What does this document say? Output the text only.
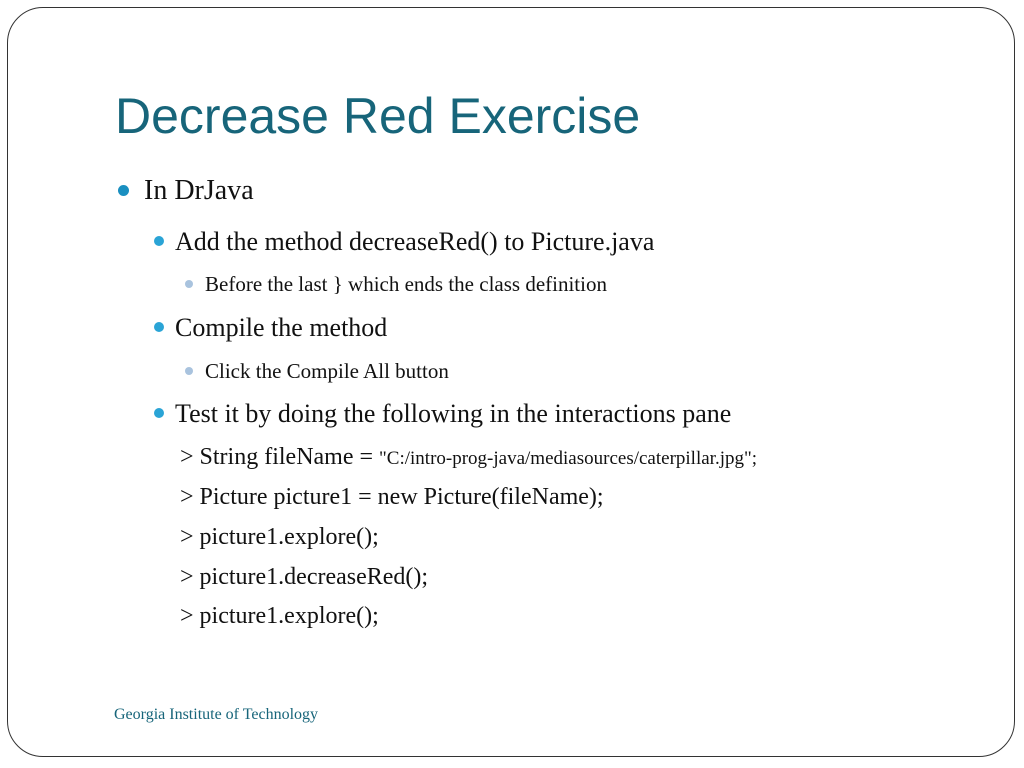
Decrease Red Exercise
In DrJava
Add the method decreaseRed() to Picture.java
Before the last } which ends the class definition
Compile the method
Click the Compile All button
Test it by doing the following in the interactions pane
> String fileName = "C:/intro-prog-java/mediasources/caterpillar.jpg";
> Picture picture1 = new Picture(fileName);
> picture1.explore();
> picture1.decreaseRed();
> picture1.explore();
Georgia Institute of Technology
